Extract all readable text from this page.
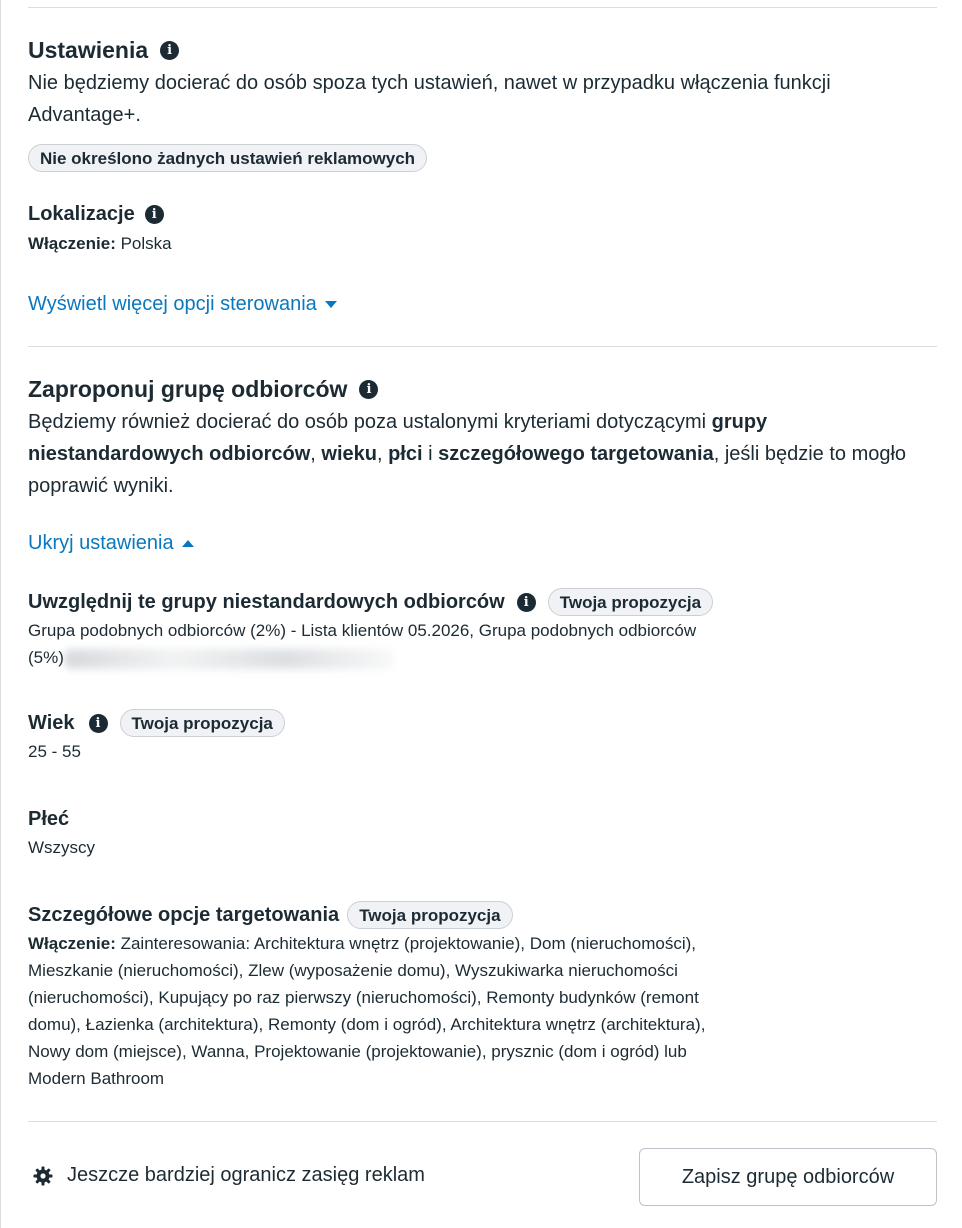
Ustawienia	i
Nie będziemy docierać do osób spoza tych ustawień, nawet w przypadku włączenia funkcji Advantage+.
Nie określono żadnych ustawień reklamowych
Lokalizacje	i
Włączenie: Polska
Wyświetl więcej opcji sterowania
Zaproponuj grupę odbiorców	i
Będziemy również docierać do osób poza ustalonymi kryteriami dotyczącymi grupy niestandardowych odbiorców, wieku, płci i szczegółowego targetowania, jeśli będzie to mogło poprawić wyniki.
Ukryj ustawienia
Uwzględnij te grupy niestandardowych odbiorców	i	Twoja propozycja
Grupa podobnych odbiorców (2%) - Lista klientów 05.2026, Grupa podobnych odbiorców
(5%)
Wiek	i	Twoja propozycja
25 - 55
Płeć
Wszyscy
Szczegółowe opcje targetowania	Twoja propozycja
Włączenie: Zainteresowania: Architektura wnętrz (projektowanie), Dom (nieruchomości),
Mieszkanie (nieruchomości), Zlew (wyposażenie domu), Wyszukiwarka nieruchomości
(nieruchomości), Kupujący po raz pierwszy (nieruchomości), Remonty budynków (remont
domu), Łazienka (architektura), Remonty (dom i ogród), Architektura wnętrz (architektura),
Nowy dom (miejsce), Wanna, Projektowanie (projektowanie), prysznic (dom i ogród) lub
Modern Bathroom
Jeszcze bardziej ogranicz zasięg reklam	Zapisz grupę odbiorców
